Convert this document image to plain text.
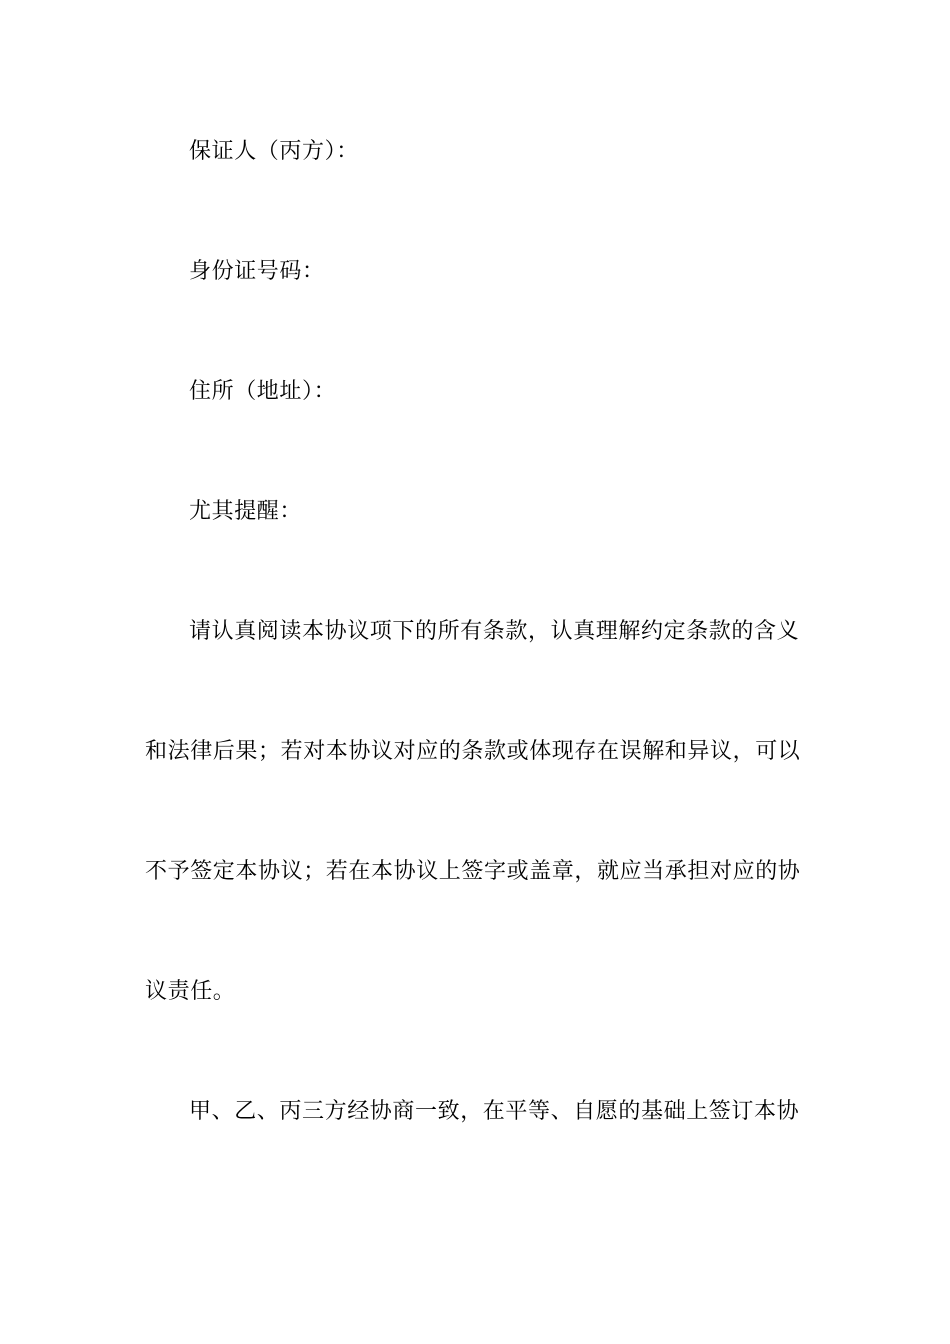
保证人（丙方）：
身份证号码：
住所（地址）：
尤其提醒：
请认真阅读本协议项下的所有条款，认真理解约定条款的含义
和法律后果；若对本协议对应的条款或体现存在误解和异议，可以
不予签定本协议；若在本协议上签字或盖章，就应当承担对应的协
议责任。
甲、乙、丙三方经协商一致，在平等、自愿的基础上签订本协
